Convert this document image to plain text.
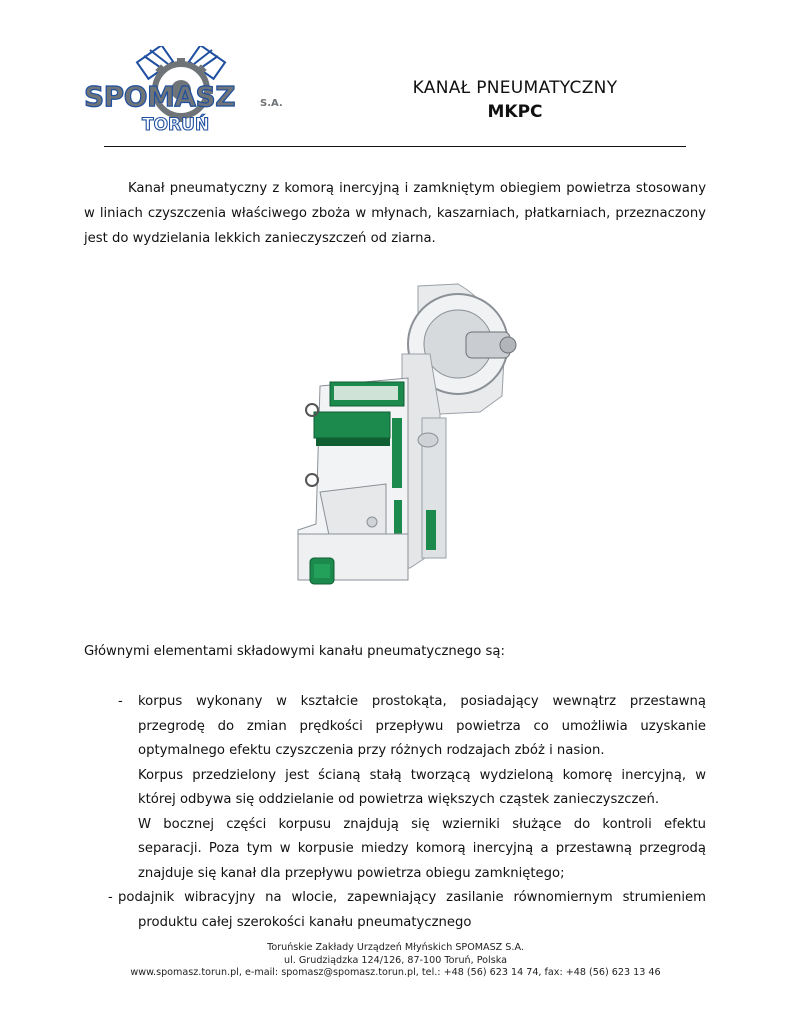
SPOMASZ	S.A.
TORUŃ
KANAŁ PNEUMATYCZNY
MKPC

Kanał pneumatyczny z komorą inercyjną i zamkniętym obiegiem powietrza stosowany w liniach czyszczenia właściwego zboża w młynach, kaszarniach, płatkarniach, przeznaczony jest do wydzielania lekkich zanieczyszczeń od ziarna.

Głównymi elementami składowymi kanału pneumatycznego są:

- korpus wykonany w kształcie prostokąta, posiadający wewnątrz przestawną

przegrodę do zmian prędkości przepływu powietrza co umożliwia uzyskanie

optymalnego efektu czyszczenia przy różnych rodzajach zbóż i nasion.

Korpus przedzielony jest ścianą stałą tworzącą wydzieloną komorę inercyjną, w

której odbywa się oddzielanie od powietrza większych cząstek zanieczyszczeń.

W bocznej części korpusu znajdują się wzierniki służące do kontroli efektu

separacji. Poza tym w korpusie miedzy komorą inercyjną a przestawną przegrodą

znajduje się kanał dla przepływu powietrza obiegu zamkniętego;

- podajnik wibracyjny na wlocie, zapewniający zasilanie równomiernym strumieniem

produktu całej szerokości kanału pneumatycznego

Toruńskie Zakłady Urządzeń Młyńskich SPOMASZ S.A.
ul. Grudziądzka 124/126, 87-100 Toruń, Polska
www.spomasz.torun.pl, e-mail: spomasz@spomasz.torun.pl, tel.: +48 (56) 623 14 74, fax: +48 (56) 623 13 46
